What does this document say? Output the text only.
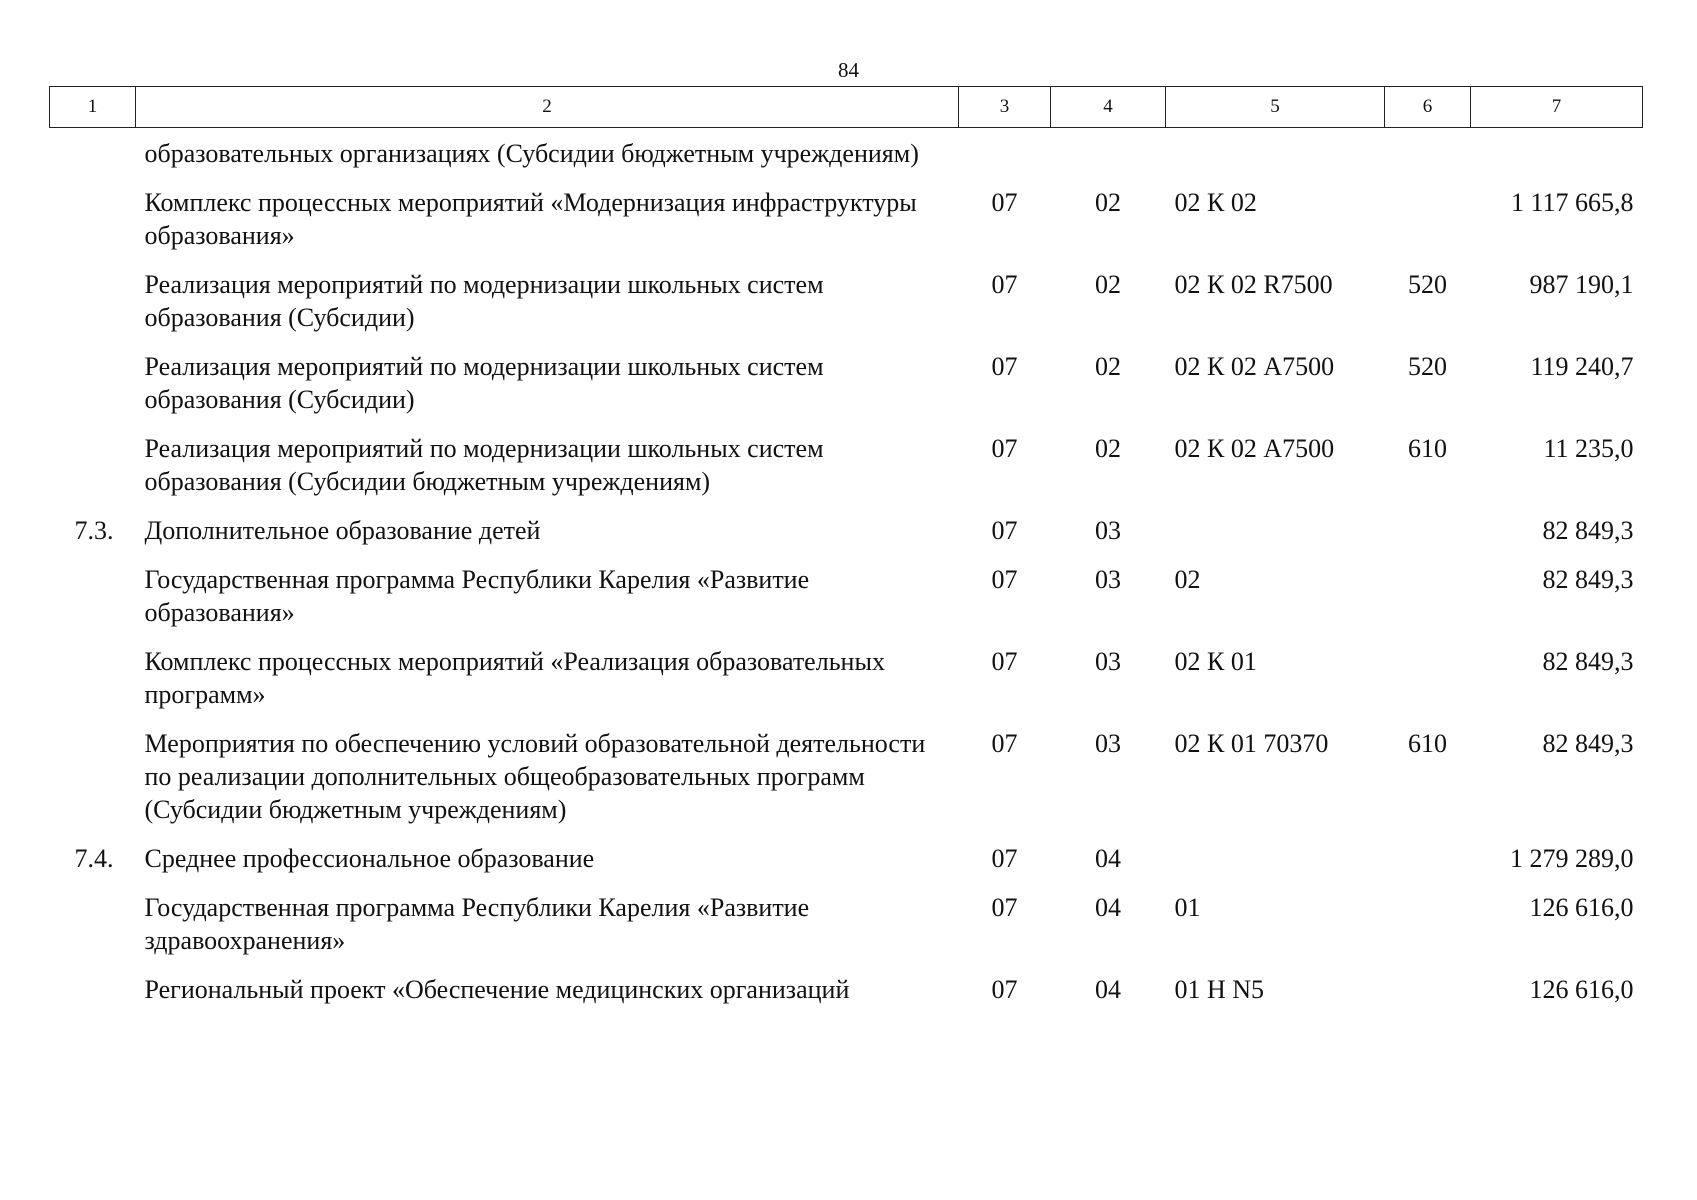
84
1	2	3	4	5	6	7
	образовательных организациях (Субсидии бюджетным учреждениям)					
	Комплекс процессных мероприятий «Модернизация инфраструктуры образования»	07	02	02 К 02		1 117 665,8
	Реализация мероприятий по модернизации школьных систем образования (Субсидии)	07	02	02 К 02 R7500	520	987 190,1
	Реализация мероприятий по модернизации школьных систем образования (Субсидии)	07	02	02 К 02 А7500	520	119 240,7
	Реализация мероприятий по модернизации школьных систем образования (Субсидии бюджетным учреждениям)	07	02	02 К 02 А7500	610	11 235,0
7.3.	Дополнительное образование детей	07	03			82 849,3
	Государственная программа Республики Карелия «Развитие образования»	07	03	02		82 849,3
	Комплекс процессных мероприятий «Реализация образовательных программ»	07	03	02 К 01		82 849,3
	Мероприятия по обеспечению условий образовательной деятельности по реализации дополнительных общеобразовательных программ (Субсидии бюджетным учреждениям)	07	03	02 К 01 70370	610	82 849,3
7.4.	Среднее профессиональное образование	07	04			1 279 289,0
	Государственная программа Республики Карелия «Развитие здравоохранения»	07	04	01		126 616,0
	Региональный проект «Обеспечение медицинских организаций	07	04	01 Н N5		126 616,0
